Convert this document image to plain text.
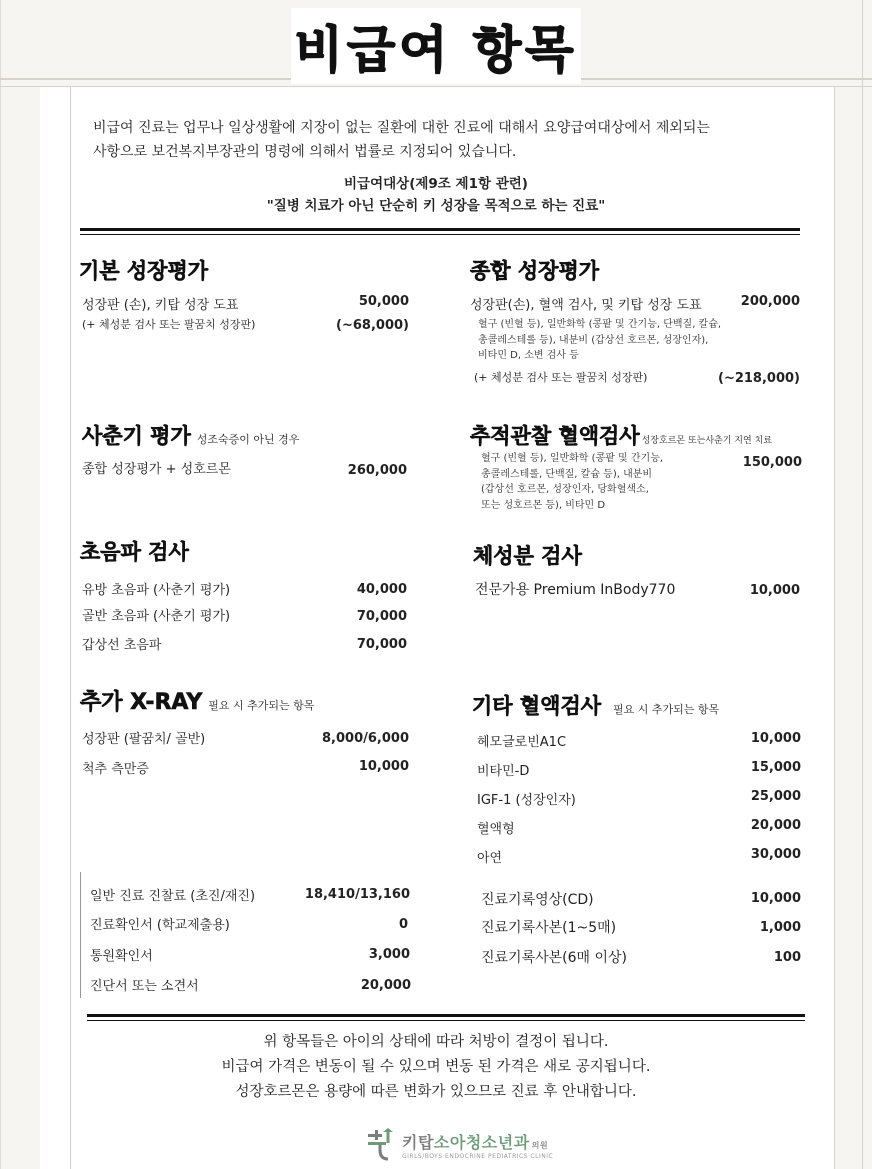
비급여 항목
비급여 진료는 업무나 일상생활에 지장이 없는 질환에 대한 진료에 대해서 요양급여대상에서 제외되는
사항으로 보건복지부장관의 명령에 의해서 법률로 지정되어 있습니다.
비급여대상(제9조 제1항 관련)
"질병 치료가 아닌 단순히 키 성장을 목적으로 하는 진료"
기본 성장평가
성장판 (손), 키탑 성장 도표	50,000
(+ 체성분 검사 또는 팔꿈치 성장판)	(~68,000)
종합 성장평가
성장판(손), 혈액 검사, 및 키탑 성장 도표	200,000
혈구 (빈혈 등), 일반화학 (콩팥 및 간기능, 단백질, 칼슘,
총콜레스테롤 등), 내분비 (갑상선 호르몬, 성장인자),
비타민 D, 소변 검사 등
(+ 체성분 검사 또는 팔꿈치 성장판)	(~218,000)
사춘기 평가 성조숙증이 아닌 경우
종합 성장평가 + 성호르몬	260,000
추적관찰 혈액검사 성장호르몬 또는사춘기 지연 치료
혈구 (빈혈 등), 일반화학 (콩팥 및 간기능,
총콜레스테롤, 단백질, 칼슘 등), 내분비
(갑상선 호르몬, 성장인자, 당화혈색소,
또는 성호르몬 등), 비타민 D
150,000
초음파 검사
유방 초음파 (사춘기 평가)	40,000
골반 초음파 (사춘기 평가)	70,000
갑상선 초음파	70,000
체성분 검사
전문가용 Premium InBody770	10,000
추가 X-RAY 필요 시 추가되는 항목
성장판 (팔꿈치/ 골반)	8,000/6,000
척추 측만증	10,000
기타 혈액검사 필요 시 추가되는 항목
헤모글로빈A1C	10,000
비타민-D	15,000
IGF-1 (성장인자)	25,000
혈액형	20,000
아연	30,000
일반 진료 진찰료 (초진/재진)	18,410/13,160
진료확인서 (학교제출용)	0
통원확인서	3,000
진단서 또는 소견서	20,000
진료기록영상(CD)	10,000
진료기록사본(1~5매)	1,000
진료기록사본(6매 이상)	100
위 항목들은 아이의 상태에 따라 처방이 결정이 됩니다.
비급여 가격은 변동이 될 수 있으며 변동 된 가격은 새로 공지됩니다.
성장호르몬은 용량에 따른 변화가 있으므로 진료 후 안내합니다.
키탑소아청소년과 의원
GIRLS/BOYS ENDOCRINE PEDIATRICS CLINIC
